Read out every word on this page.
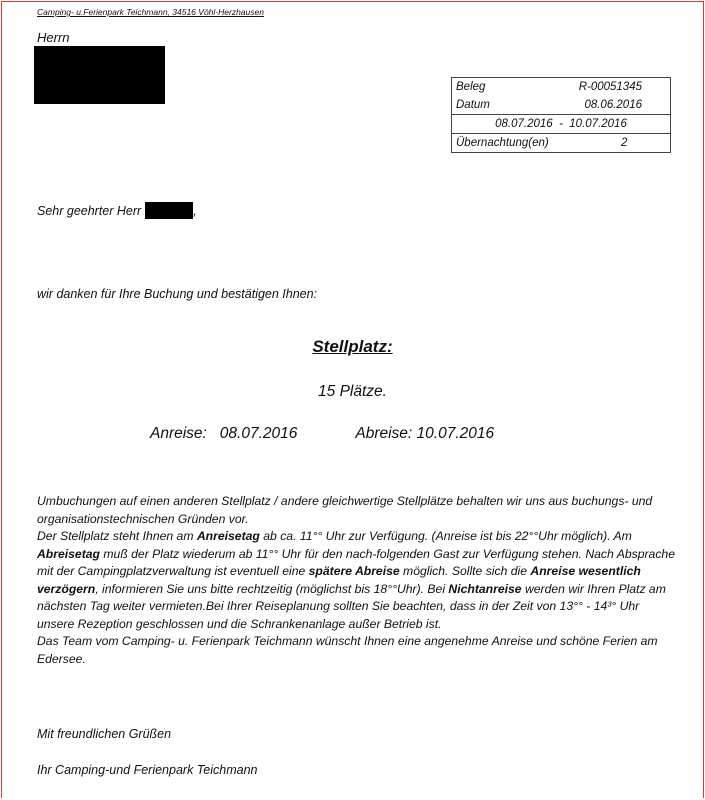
Camping- u.Ferienpark Teichmann, 34516 Vöhl-Herzhausen
Herrn
Beleg	R-00051345
Datum	08.06.2016
08.07.2016  -  10.07.2016
Übernachtung(en)	2
Sehr geehrter Herr	,
wir danken für Ihre Buchung und bestätigen Ihnen:
Stellplatz:
15 Plätze.
Anreise:   08.07.2016	Abreise: 10.07.2016

Umbuchungen auf einen anderen Stellplatz / andere gleichwertige Stellplätze behalten wir uns aus buchungs- und organisationstechnischen Gründen vor.

Der Stellplatz steht Ihnen am Anreisetag ab ca. 11°° Uhr zur Verfügung. (Anreise ist bis 22°°Uhr möglich). Am Abreisetag muß der Platz wiederum ab 11°° Uhr für den nach-folgenden Gast zur Verfügung stehen. Nach Absprache mit der Campingplatzverwaltung ist eventuell eine spätere Abreise möglich. Sollte sich die Anreise wesentlich verzögern, informieren Sie uns bitte rechtzeitig (möglichst bis 18°°Uhr). Bei Nichtanreise werden wir Ihren Platz am nächsten Tag weiter vermieten.Bei Ihrer Reiseplanung sollten Sie beachten, dass in der Zeit von 13°° - 14³° Uhr unsere Rezeption geschlossen und die Schrankenanlage außer Betrieb ist.

Das Team vom Camping- u. Ferienpark Teichmann wünscht Ihnen eine angenehme Anreise und schöne Ferien am Edersee.

Mit freundlichen Grüßen
Ihr Camping-und Ferienpark Teichmann
